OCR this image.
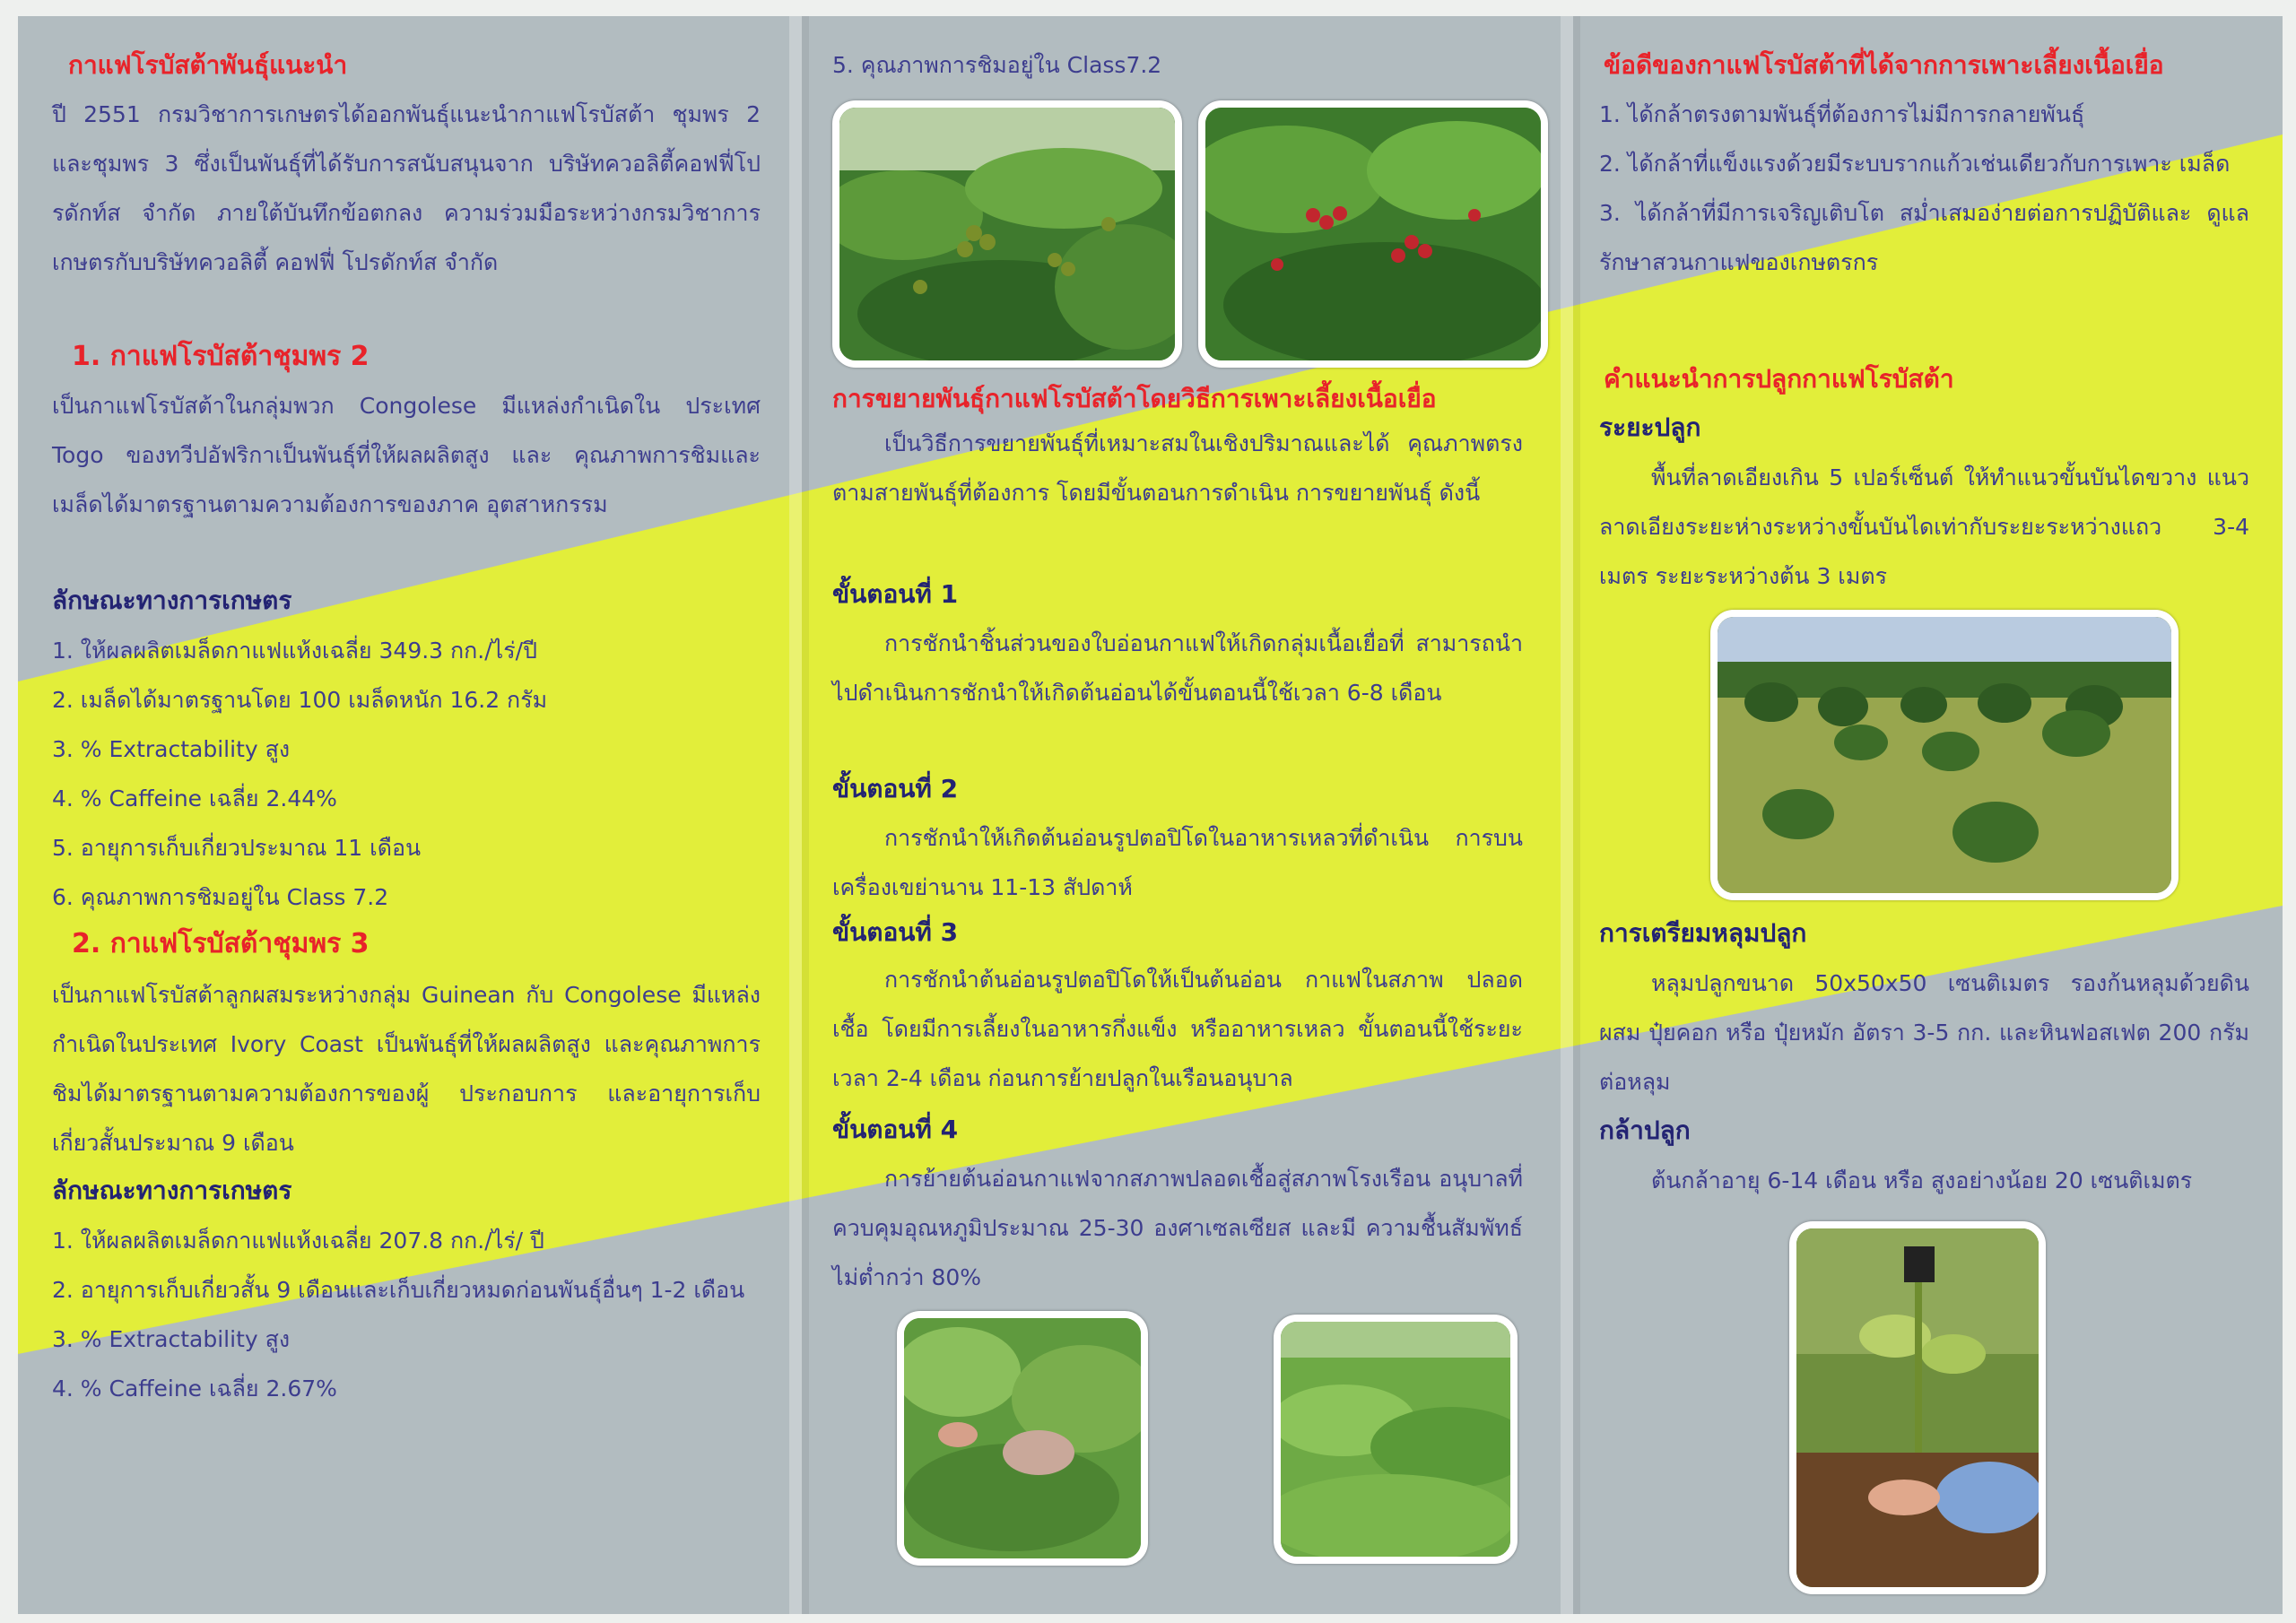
กาแฟโรบัสต้าพันธุ์แนะนำ

ปี 2551 กรมวิชาการเกษตรได้ออกพันธุ์แนะนำกาแฟโรบัสต้า ชุมพร 2 และชุมพร 3 ซึ่งเป็นพันธุ์ที่ได้รับการสนับสนุนจาก บริษัทควอลิตี้คอฟฟี่โปรดักท์ส จำกัด ภายใต้บันทึกข้อตกลง ความร่วมมือระหว่างกรมวิชาการเกษตรกับบริษัทควอลิตี้ คอฟฟี่ โปรดักท์ส จำกัด

1. กาแฟโรบัสต้าชุมพร 2

เป็นกาแฟโรบัสต้าในกลุ่มพวก Congolese มีแหล่งกำเนิดใน ประเทศ Togo ของทวีปอัฟริกาเป็นพันธุ์ที่ให้ผลผลิตสูง และ คุณภาพการชิมและเมล็ดได้มาตรฐานตามความต้องการของภาค อุตสาหกรรม

ลักษณะทางการเกษตร
1. ให้ผลผลิตเมล็ดกาแฟแห้งเฉลี่ย 349.3 กก./ไร่/ปี
2. เมล็ดได้มาตรฐานโดย 100 เมล็ดหนัก 16.2 กรัม
3. % Extractability สูง
4. % Caffeine เฉลี่ย 2.44%
5. อายุการเก็บเกี่ยวประมาณ 11 เดือน
6. คุณภาพการชิมอยู่ใน Class 7.2
2. กาแฟโรบัสต้าชุมพร 3

เป็นกาแฟโรบัสต้าลูกผสมระหว่างกลุ่ม Guinean กับ Congolese มีแหล่งกำเนิดในประเทศ Ivory Coast เป็นพันธุ์ที่ให้ผลผลิตสูง และคุณภาพการชิมได้มาตรฐานตามความต้องการของผู้ ประกอบการ และอายุการเก็บเกี่ยวสั้นประมาณ 9 เดือน

ลักษณะทางการเกษตร
1. ให้ผลผลิตเมล็ดกาแฟแห้งเฉลี่ย 207.8 กก./ไร่/ ปี
2. อายุการเก็บเกี่ยวสั้น 9 เดือนและเก็บเกี่ยวหมดก่อนพันธุ์อื่นๆ 1-2 เดือน
3. % Extractability สูง
4. % Caffeine เฉลี่ย 2.67%

5. คุณภาพการชิมอยู่ใน Class7.2

การขยายพันธุ์กาแฟโรบัสต้าโดยวิธีการเพาะเลี้ยงเนื้อเยื่อ

เป็นวิธีการขยายพันธุ์ที่เหมาะสมในเชิงปริมาณและได้ คุณภาพตรงตามสายพันธุ์ที่ต้องการ โดยมีขั้นตอนการดำเนิน การขยายพันธุ์ ดังนี้

ขั้นตอนที่ 1

การชักนำชิ้นส่วนของใบอ่อนกาแฟให้เกิดกลุ่มเนื้อเยื่อที่ สามารถนำไปดำเนินการชักนำให้เกิดต้นอ่อนได้ขั้นตอนนี้ใช้เวลา 6-8 เดือน

ขั้นตอนที่ 2

การชักนำให้เกิดต้นอ่อนรูปตอปิโดในอาหารเหลวที่ดำเนิน การบนเครื่องเขย่านาน 11-13 สัปดาห์

ขั้นตอนที่ 3

การชักนำต้นอ่อนรูปตอปิโดให้เป็นต้นอ่อน กาแฟในสภาพ ปลอดเชื้อ โดยมีการเลี้ยงในอาหารกึ่งแข็ง หรืออาหารเหลว ขั้นตอนนี้ใช้ระยะเวลา 2-4 เดือน ก่อนการย้ายปลูกในเรือนอนุบาล

ขั้นตอนที่ 4

การย้ายต้นอ่อนกาแฟจากสภาพปลอดเชื้อสู่สภาพโรงเรือน อนุบาลที่ควบคุมอุณหภูมิประมาณ 25-30 องศาเซลเซียส และมี ความชื้นสัมพัทธ์ไม่ต่ำกว่า 80%

ข้อดีของกาแฟโรบัสต้าที่ได้จากการเพาะเลี้ยงเนื้อเยื่อ
1. ได้กล้าตรงตามพันธุ์ที่ต้องการไม่มีการกลายพันธุ์
2. ได้กล้าที่แข็งแรงด้วยมีระบบรากแก้วเช่นเดียวกับการเพาะ เมล็ด
3. ได้กล้าที่มีการเจริญเติบโต สม่ำเสมอง่ายต่อการปฏิบัติและ ดูแลรักษาสวนกาแฟของเกษตรกร
คำแนะนำการปลูกกาแฟโรบัสต้า
ระยะปลูก

พื้นที่ลาดเอียงเกิน 5 เปอร์เซ็นต์ ให้ทำแนวขั้นบันไดขวาง แนวลาดเอียงระยะห่างระหว่างขั้นบันไดเท่ากับระยะระหว่างแถว 3-4 เมตร ระยะระหว่างต้น 3 เมตร

การเตรียมหลุมปลูก

หลุมปลูกขนาด 50x50x50 เซนติเมตร รองก้นหลุมด้วยดินผสม ปุ๋ยคอก หรือ ปุ๋ยหมัก อัตรา 3-5 กก. และหินฟอสเฟต 200 กรัมต่อหลุม

กล้าปลูก

ต้นกล้าอายุ 6-14 เดือน หรือ สูงอย่างน้อย 20 เซนติเมตร
